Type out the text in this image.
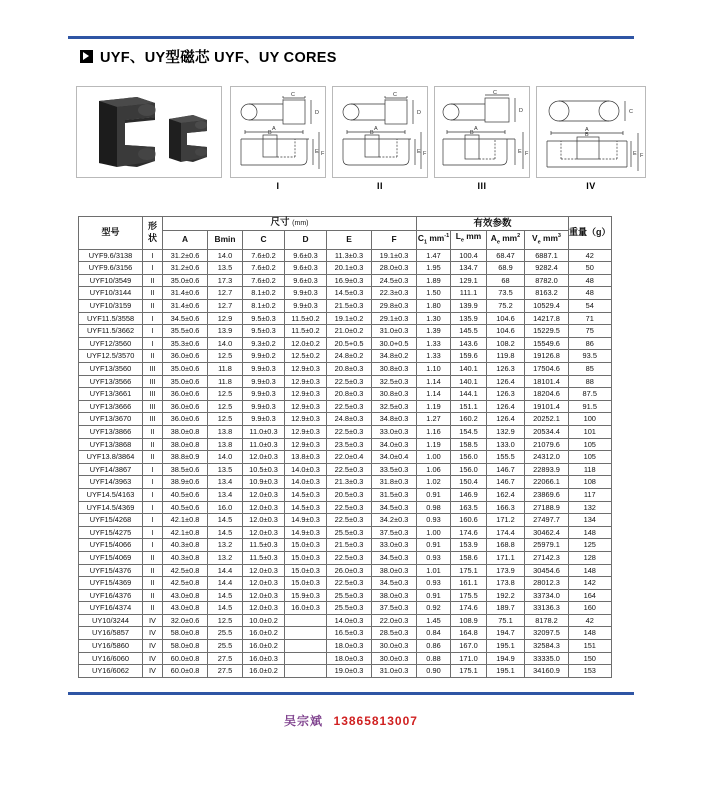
UYF、UY型磁芯 UYF、UY CORES
C
D
A
B
E F
I
C
D
A
B
E F
II
C
D
A
B
E F
III
C
A
B
E F
IV
型号	形
状	尺寸 (mm)						有效参数				重量（g）
		A	Bmin	C	D	E	F	$C_1$ $mm^{-1}$	$L_e$ mm	$A_e$ $mm^2$	$V_e$ $mm^3$
UYF9.6/3138	I	31.2±0.6	14.0	7.6±0.2	9.6±0.3	11.3±0.3	19.1±0.3	1.47	100.4	68.47	6887.1	42
UYF9.6/3156	I	31.2±0.6	13.5	7.6±0.2	9.6±0.3	20.1±0.3	28.0±0.3	1.95	134.7	68.9	9282.4	50
UYF10/3549	II	35.0±0.6	17.3	7.6±0.2	9.6±0.3	16.9±0.3	24.5±0.3	1.89	129.1	68	8782.0	48
UYF10/3144	II	31.4±0.6	12.7	8.1±0.2	9.9±0.3	14.5±0.3	22.3±0.3	1.50	111.1	73.5	8163.2	48
UYF10/3159	II	31.4±0.6	12.7	8.1±0.2	9.9±0.3	21.5±0.3	29.8±0.3	1.80	139.9	75.2	10529.4	54
UYF11.5/3558	I	34.5±0.6	12.9	9.5±0.3	11.5±0.2	19.1±0.2	29.1±0.3	1.30	135.9	104.6	14217.8	71
UYF11.5/3662	I	35.5±0.6	13.9	9.5±0.3	11.5±0.2	21.0±0.2	31.0±0.3	1.39	145.5	104.6	15229.5	75
UYF12/3560	I	35.3±0.6	14.0	9.3±0.2	12.0±0.2	20.5+0.5	30.0+0.5	1.33	143.6	108.2	15549.6	86
UYF12.5/3570	II	36.0±0.6	12.5	9.9±0.2	12.5±0.2	24.8±0.2	34.8±0.2	1.33	159.6	119.8	19126.8	93.5
UYF13/3560	III	35.0±0.6	11.8	9.9±0.3	12.9±0.3	20.8±0.3	30.8±0.3	1.10	140.1	126.3	17504.6	85
UYF13/3566	III	35.0±0.6	11.8	9.9±0.3	12.9±0.3	22.5±0.3	32.5±0.3	1.14	140.1	126.4	18101.4	88
UYF13/3661	III	36.0±0.6	12.5	9.9±0.3	12.9±0.3	20.8±0.3	30.8±0.3	1.14	144.1	126.3	18204.6	87.5
UYF13/3666	III	36.0±0.6	12.5	9.9±0.3	12.9±0.3	22.5±0.3	32.5±0.3	1.19	151.1	126.4	19101.4	91.5
UYF13/3670	III	36.0±0.6	12.5	9.9±0.3	12.9±0.3	24.8±0.3	34.8±0.3	1.27	160.2	126.4	20252.1	100
UYF13/3866	II	38.0±0.8	13.8	11.0±0.3	12.9±0.3	22.5±0.3	33.0±0.3	1.16	154.5	132.9	20534.4	101
UYF13/3868	II	38.0±0.8	13.8	11.0±0.3	12.9±0.3	23.5±0.3	34.0±0.3	1.19	158.5	133.0	21079.6	105
UYF13.8/3864	II	38.8±0.9	14.0	12.0±0.3	13.8±0.3	22.0±0.4	34.0±0.4	1.00	156.0	155.5	24312.0	105
UYF14/3867	I	38.5±0.6	13.5	10.5±0.3	14.0±0.3	22.5±0.3	33.5±0.3	1.06	156.0	146.7	22893.9	118
UYF14/3963	I	38.9±0.6	13.4	10.9±0.3	14.0±0.3	21.3±0.3	31.8±0.3	1.02	150.4	146.7	22066.1	108
UYF14.5/4163	I	40.5±0.6	13.4	12.0±0.3	14.5±0.3	20.5±0.3	31.5±0.3	0.91	146.9	162.4	23869.6	117
UYF14.5/4369	I	40.5±0.6	16.0	12.0±0.3	14.5±0.3	22.5±0.3	34.5±0.3	0.98	163.5	166.3	27188.9	132
UYF15/4268	I	42.1±0.8	14.5	12.0±0.3	14.9±0.3	22.5±0.3	34.2±0.3	0.93	160.6	171.2	27497.7	134
UYF15/4275	I	42.1±0.8	14.5	12.0±0.3	14.9±0.3	25.5±0.3	37.5±0.3	1.00	174.6	174.4	30462.4	148
UYF15/4066	I	40.3±0.8	13.2	11.5±0.3	15.0±0.3	21.5±0.3	33.0±0.3	0.91	153.9	168.8	25979.1	125
UYF15/4069	II	40.3±0.8	13.2	11.5±0.3	15.0±0.3	22.5±0.3	34.5±0.3	0.93	158.6	171.1	27142.3	128
UYF15/4376	II	42.5±0.8	14.4	12.0±0.3	15.0±0.3	26.0±0.3	38.0±0.3	1.01	175.1	173.9	30454.6	148
UYF15/4369	II	42.5±0.8	14.4	12.0±0.3	15.0±0.3	22.5±0.3	34.5±0.3	0.93	161.1	173.8	28012.3	142
UYF16/4376	II	43.0±0.8	14.5	12.0±0.3	15.9±0.3	25.5±0.3	38.0±0.3	0.91	175.5	192.2	33734.0	164
UYF16/4374	II	43.0±0.8	14.5	12.0±0.3	16.0±0.3	25.5±0.3	37.5±0.3	0.92	174.6	189.7	33136.3	160
UY10/3244	IV	32.0±0.6	12.5	10.0±0.2		14.0±0.3	22.0±0.3	1.45	108.9	75.1	8178.2	42
UY16/5857	IV	58.0±0.8	25.5	16.0±0.2		16.5±0.3	28.5±0.3	0.84	164.8	194.7	32097.5	148
UY16/5860	IV	58.0±0.8	25.5	16.0±0.2		18.0±0.3	30.0±0.3	0.86	167.0	195.1	32584.3	151
UY16/6060	IV	60.0±0.8	27.5	16.0±0.3		18.0±0.3	30.0±0.3	0.88	171.0	194.9	33335.0	150
UY16/6062	IV	60.0±0.8	27.5	16.0±0.2		19.0±0.3	31.0±0.3	0.90	175.1	195.1	34160.9	153
吴宗斌 13865813007
